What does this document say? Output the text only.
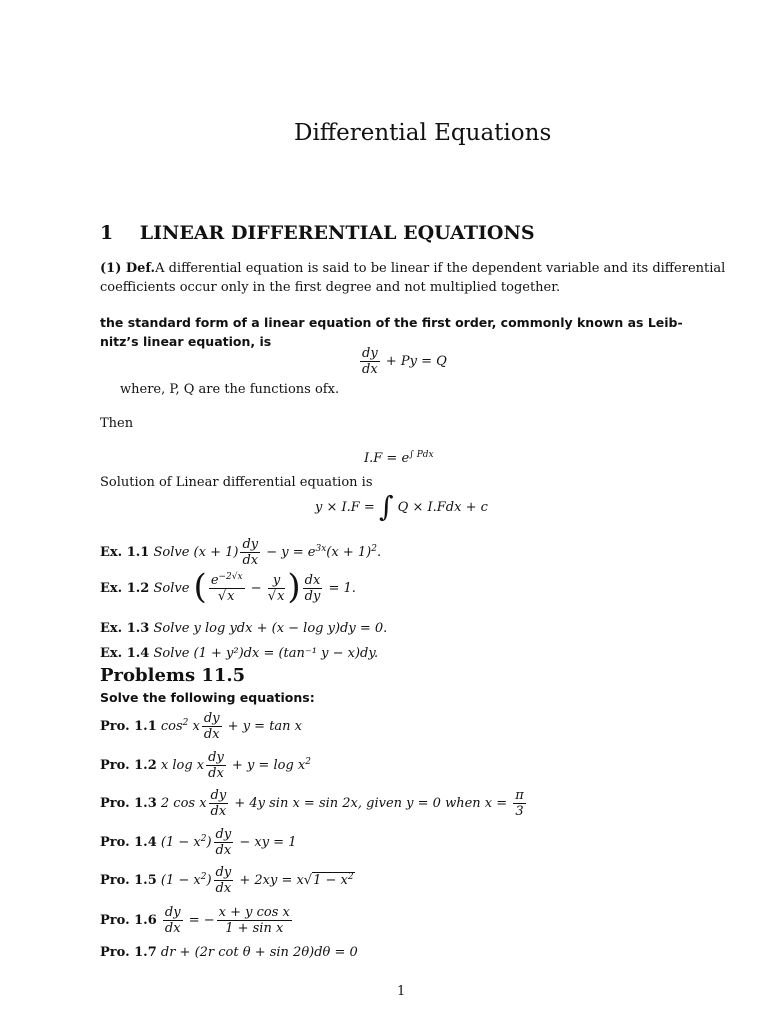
Differential Equations
1 LINEAR DIFFERENTIAL EQUATIONS
(1) Def.A differential equation is said to be linear if the dependent variable and its differential
coefficients occur only in the first degree and not multiplied together.
the standard form of a linear equation of the first order, commonly known as Leib-
nitz’s linear equation, is
$\frac{dy}{dx} + Py = Q$
where, P, Q are the functions ofx.
Then
$I.F = e^{\int Pdx}$
Solution of Linear differential equation is
y × I.F = ∫ Q × I.Fdx + c
Ex. 1.1 Solve $(x + 1) \frac{dy}{dx} - y = e^{3x}(x + 1)^2$.
Ex. 1.2 Solve ( $\frac{e^{-2√x}}{√x} - \frac{y}{√x}$ ) $\frac{dx}{dy} = 1$.
Ex. 1.3 Solve y log ydx + (x − log y)dy = 0.
Ex. 1.4 Solve (1 + y²)dx = (tan⁻¹ y − x)dy.
Problems 11.5
Solve the following equations:
Pro. 1.1 $\cos^2 x \frac{dy}{dx} + y = \tan x$
Pro. 1.2 x log x $\frac{dy}{dx} + y = \log x^2$
Pro. 1.3 2 cos x $\frac{dy}{dx} + 4y$ sin x = sin 2x, given y = 0 when $x = \frac{\pi}{3}$
Pro. 1.4 $(1 - x^2) \frac{dy}{dx}$ − xy = 1
Pro. 1.5 $(1 - x^2) \frac{dy}{dx} + 2xy = x√1 - x^2$
Pro. $1.6 \frac{dy}{dx}$ = − $\frac{\text{x + y cos x}}{\text{1 + sin x}}$
Pro. 1.7 dr + (2r cot θ + sin 2θ)dθ = 0
1
